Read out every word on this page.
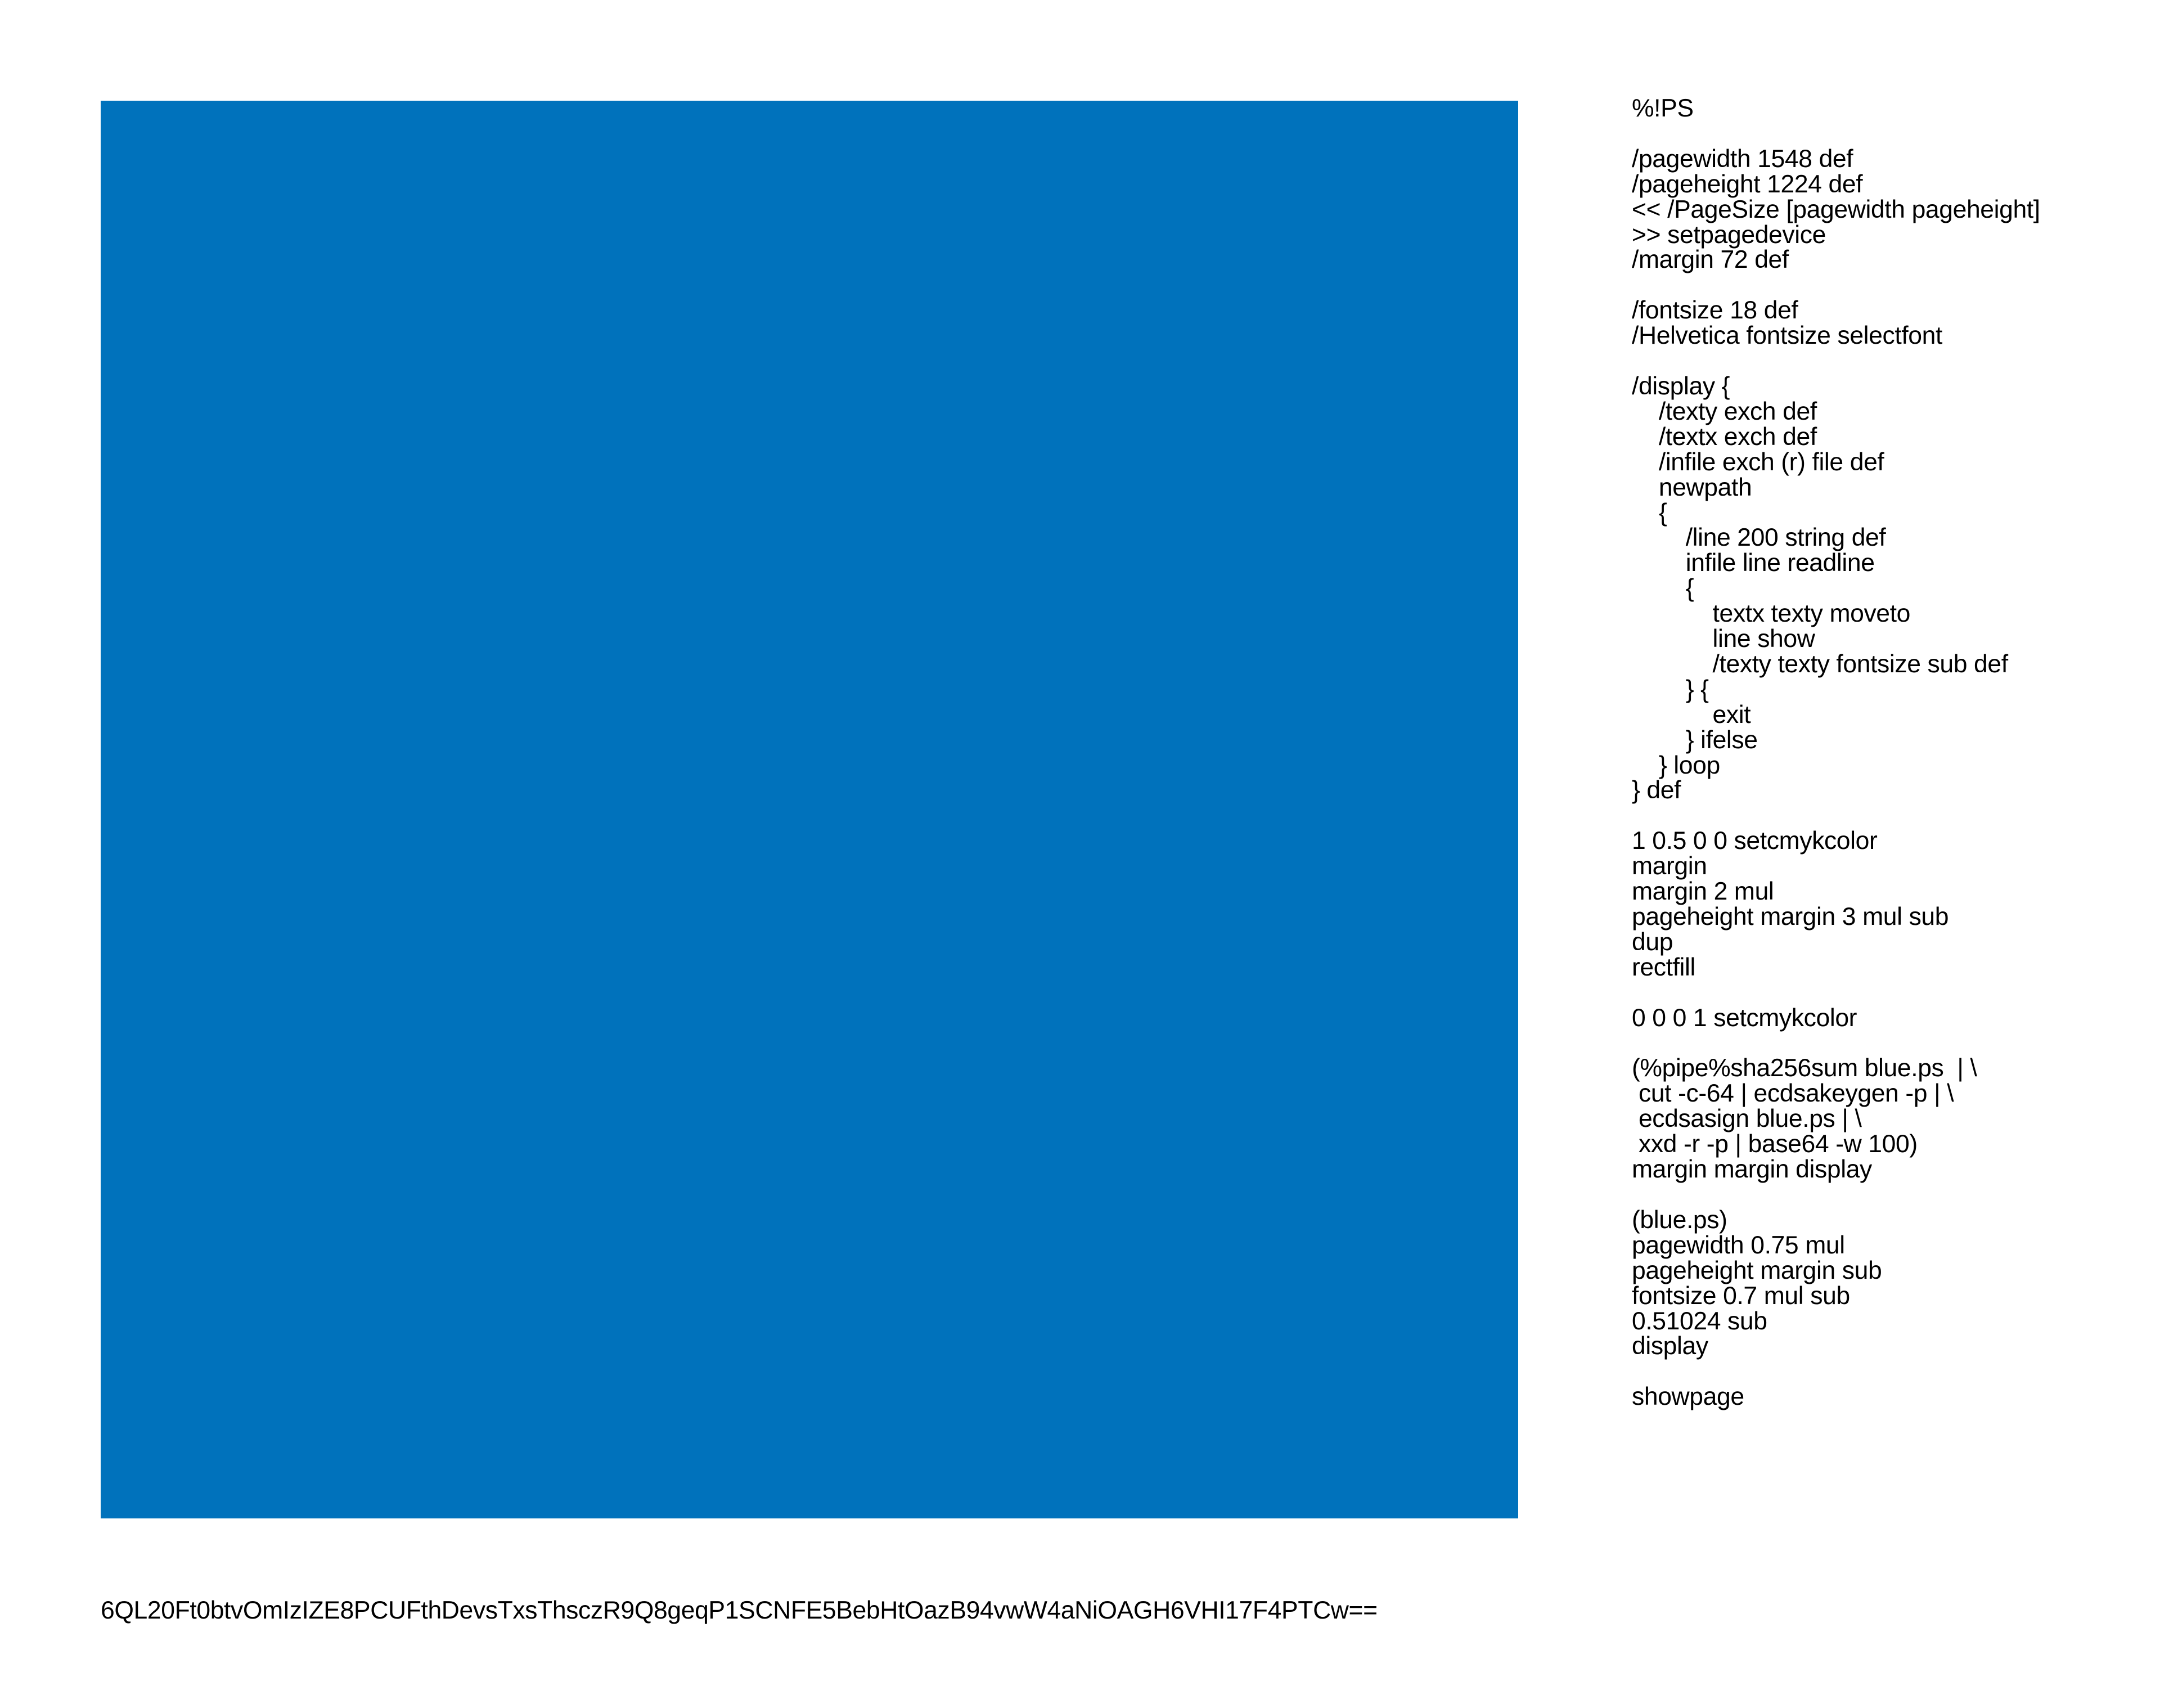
%!PS

/pagewidth 1548 def
/pageheight 1224 def
<< /PageSize [pagewidth pageheight]
>> setpagedevice
/margin 72 def

/fontsize 18 def
/Helvetica fontsize selectfont

/display {
/texty exch def
/textx exch def
/infile exch (r) file def
newpath
{
/line 200 string def
infile line readline
{
textx texty moveto
line show
/texty texty fontsize sub def
} {
exit
} ifelse
} loop
} def

1 0.5 0 0 setcmykcolor
margin
margin 2 mul
pageheight margin 3 mul sub
dup
rectfill

0 0 0 1 setcmykcolor

(%pipe%sha256sum blue.ps  | \
cut -c-64 | ecdsakeygen -p | \
ecdsasign blue.ps | \
xxd -r -p | base64 -w 100)
margin margin display

(blue.ps)
pagewidth 0.75 mul
pageheight margin sub
fontsize 0.7 mul sub
0.51024 sub
display

showpage

6QL20Ft0btvOmIzIZE8PCUFthDevsTxsThsczR9Q8geqP1SCNFE5BebHtOazB94vwW4aNiOAGH6VHI17F4PTCw==
